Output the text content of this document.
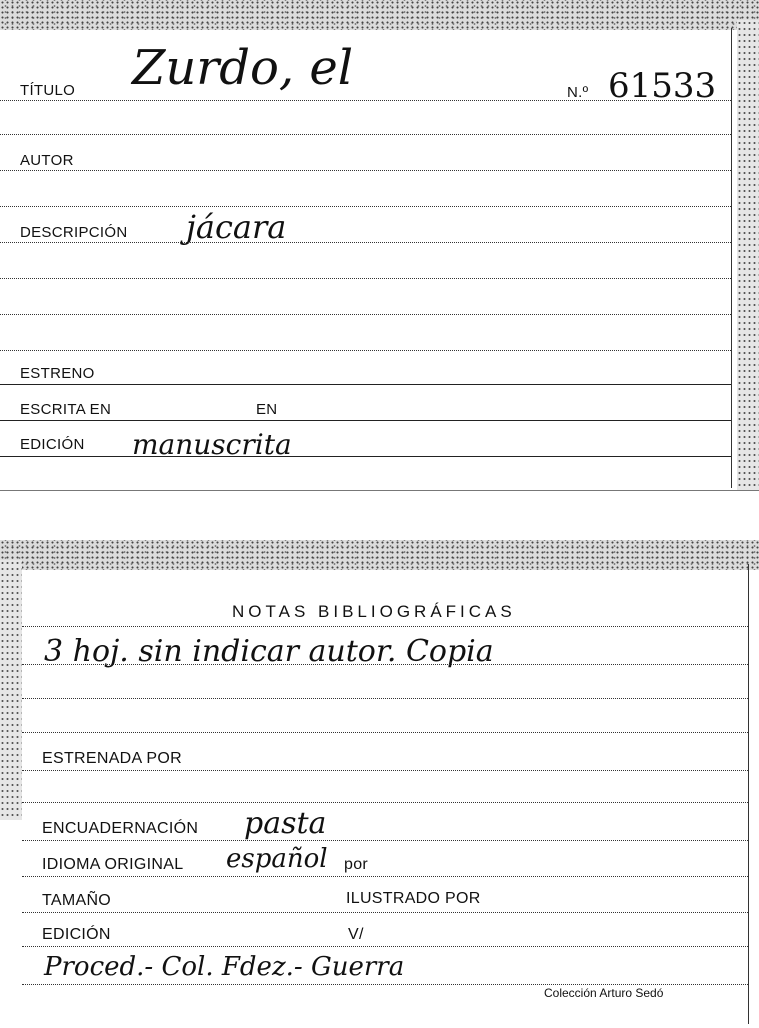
TÍTULO Zurdo, el	N.º 61533
AUTOR
DESCRIPCIÓN jácara
ESTRENO
ESCRITA EN	EN
EDICIÓN manuscrita
NOTAS BIBLIOGRÁFICAS
3 hoj. sin indicar autor. Copia
ESTRENADA POR
ENCUADERNACIÓN pasta
IDIOMA ORIGINAL español por
TAMAÑO	ILUSTRADO POR
EDICIÓN	V/
Proced.- Col. Fdez.- Guerra
Colección Arturo Sedó
